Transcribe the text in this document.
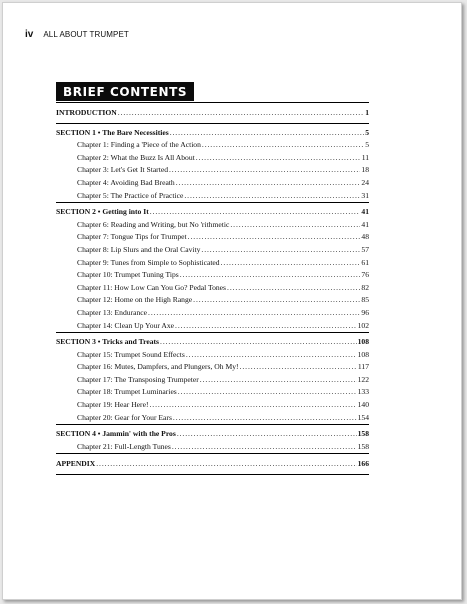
iv ALL ABOUT TRUMPET
BRIEF CONTENTS
INTRODUCTION . . .	1
SECTION 1 • The Bare Necessities . . .	5
Chapter 1: Finding a 'Piece of the Action . . .	5
Chapter 2: What the Buzz Is All About . . .	11
Chapter 3: Let's Get It Started . . .	18
Chapter 4: Avoiding Bad Breath . . .	24
Chapter 5: The Practice of Practice . . .	31
SECTION 2 • Getting into It . . .	41
Chapter 6: Reading and Writing, but No 'rithmetic . . .	41
Chapter 7: Tongue Tips for Trumpet . . .	48
Chapter 8: Lip Slurs and the Oral Cavity . . .	57
Chapter 9: Tunes from Simple to Sophisticated . . .	61
Chapter 10: Trumpet Tuning Tips . . .	76
Chapter 11: How Low Can You Go? Pedal Tones . . .	82
Chapter 12: Home on the High Range . . .	85
Chapter 13: Endurance . . .	96
Chapter 14: Clean Up Your Axe . . .	102
SECTION 3 • Tricks and Treats . . .	108
Chapter 15: Trumpet Sound Effects . . .	108
Chapter 16: Mutes, Dampfers, and Plungers, Oh My! . . .	117
Chapter 17: The Transposing Trumpeter . . .	122
Chapter 18: Trumpet Luminaries . . .	133
Chapter 19: Hear Here! . . .	140
Chapter 20: Gear for Your Ears . . .	154
SECTION 4 • Jammin' with the Pros . . .	158
Chapter 21: Full-Length Tunes . . .	158
APPENDIX . . .	166
